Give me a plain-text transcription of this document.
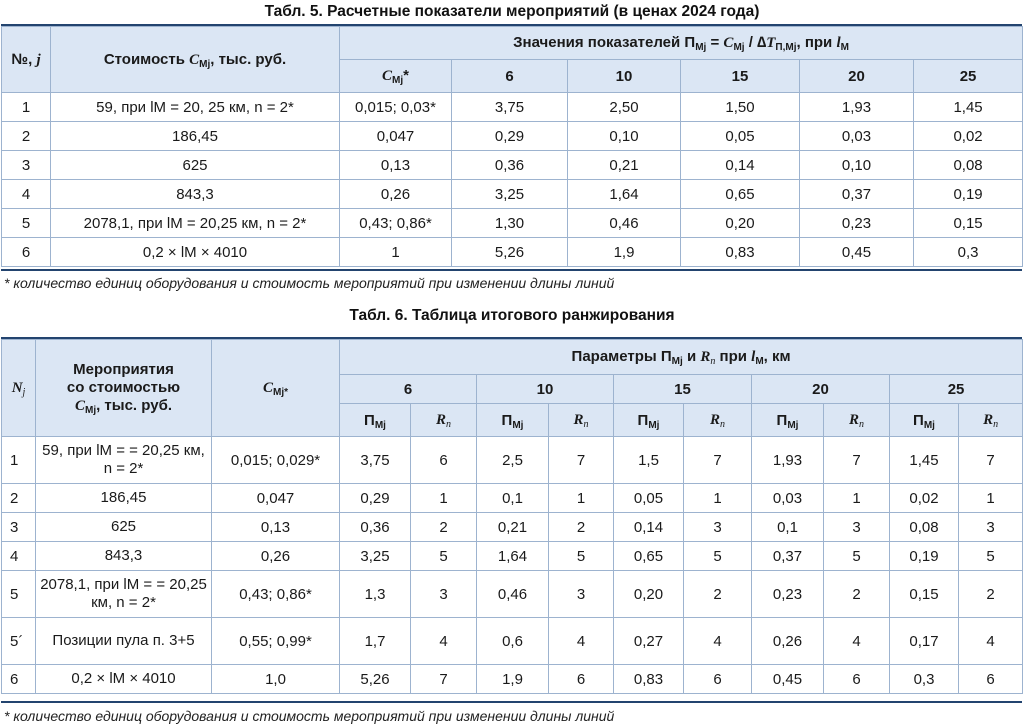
Табл. 5. Расчетные показатели мероприятий (в ценах 2024 года)
№, j	Стоимость $C_{Mj}$, тыс. руб.	Значения показателей $П_{Mj} = C_{Mj} / \Delta T_{П,Mj}$, при $l_M$
		$C_{Mj}*$	6	10	15	20	25
1	59, при lM = 20, 25 км, n = 2*	0,015; 0,03*	3,75	2,50	1,50	1,93	1,45
2	186,45	0,047	0,29	0,10	0,05	0,03	0,02
3	625	0,13	0,36	0,21	0,14	0,10	0,08
4	843,3	0,26	3,25	1,64	0,65	0,37	0,19
5	2078,1, при lM = 20,25 км, n = 2*	0,43; 0,86*	1,30	0,46	0,20	0,23	0,15
6	0,2 × lM × 4010	1	5,26	1,9	0,83	0,45	0,3
* количество единиц оборудования и стоимость мероприятий при изменении длины линий
Табл. 6. Таблица итогового ранжирования
$N_j$	Мероприятия
со стоимостью
$C_{Mj}$, тыс. руб.	$C_{Mj*}$	Параметры $П_{Mj}$ и $R_n$ при $l_M$, км									
			6		10		15		20		25	
			$П_{Mj}$	$R_n$	$П_{Mj}$	$R_n$	$П_{Mj}$	$R_n$	$П_{Mj}$	$R_n$	$П_{Mj}$	$R_n$
1	59, при lM = = 20,25 км, n = 2*	0,015; 0,029*	3,75	6	2,5	7	1,5	7	1,93	7	1,45	7
2	186,45	0,047	0,29	1	0,1	1	0,05	1	0,03	1	0,02	1
3	625	0,13	0,36	2	0,21	2	0,14	3	0,1	3	0,08	3
4	843,3	0,26	3,25	5	1,64	5	0,65	5	0,37	5	0,19	5
5	2078,1, при lM = = 20,25 км, n = 2*	0,43; 0,86*	1,3	3	0,46	3	0,20	2	0,23	2	0,15	2
5´	Позиции пула п. 3+5	0,55; 0,99*	1,7	4	0,6	4	0,27	4	0,26	4	0,17	4
6	0,2 × lM × 4010	1,0	5,26	7	1,9	6	0,83	6	0,45	6	0,3	6
* количество единиц оборудования и стоимость мероприятий при изменении длины линий
